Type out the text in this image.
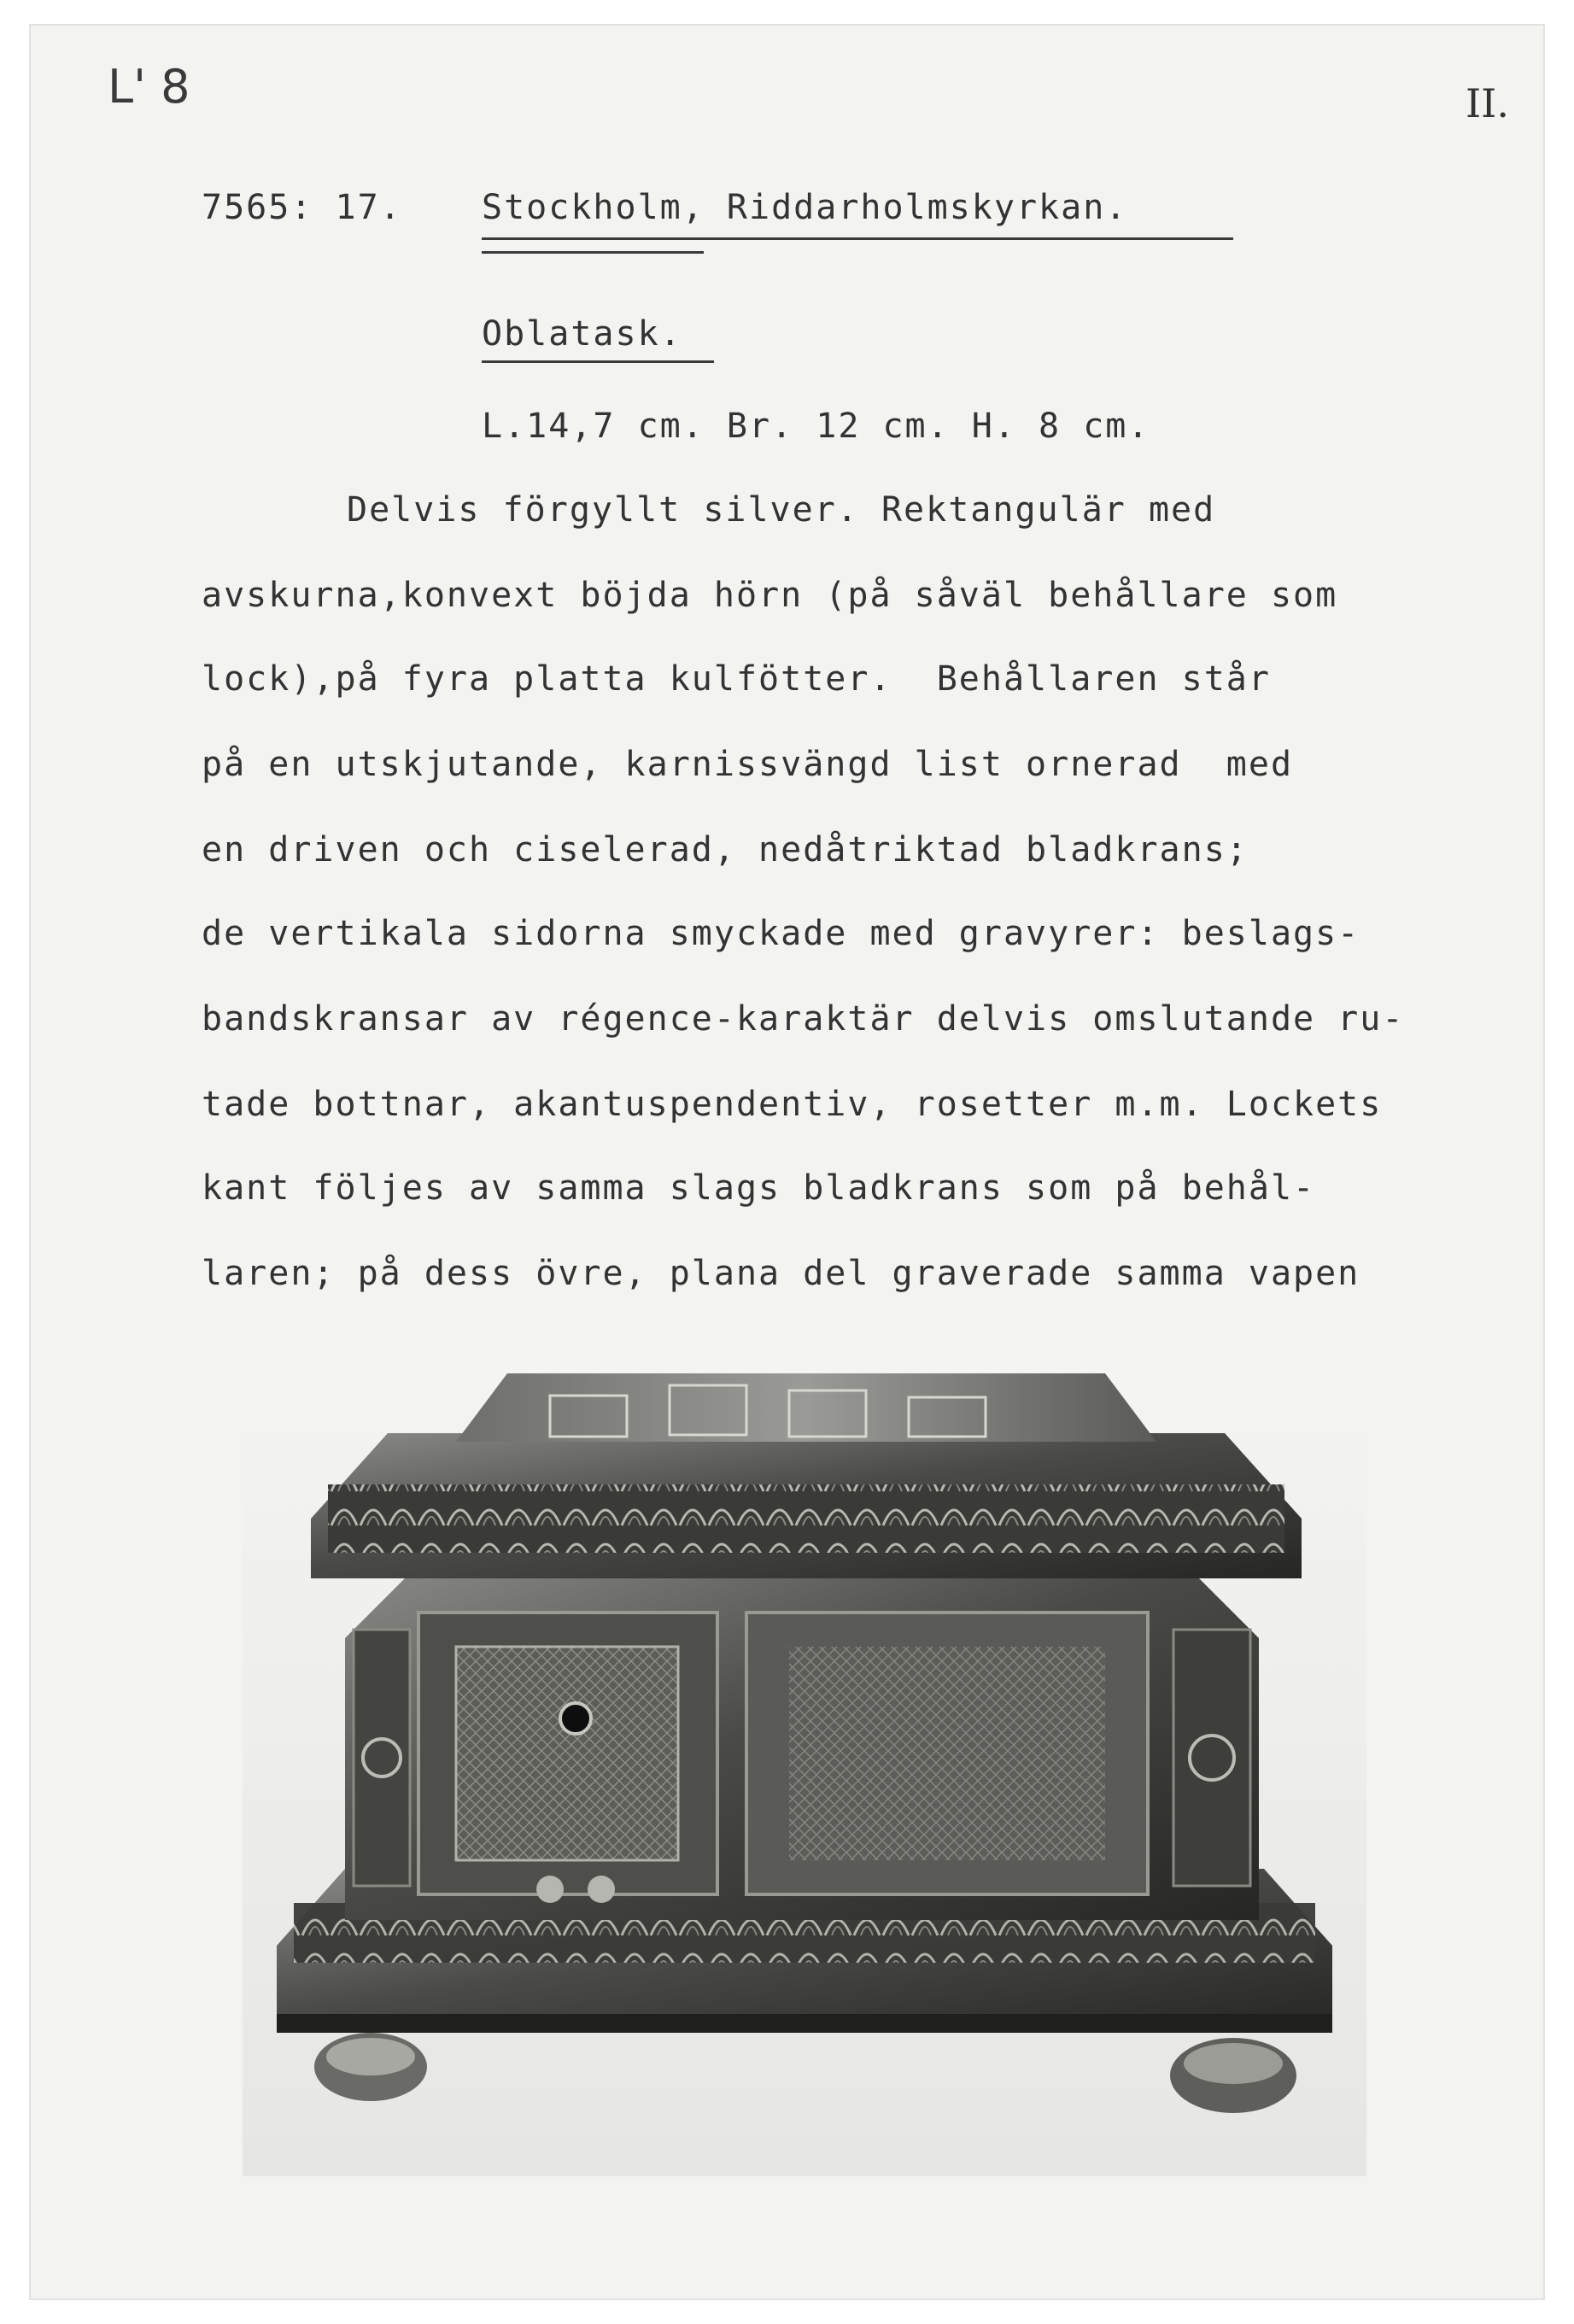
L' 8	II.
7565: 17. Stockholm, Riddarholmskyrkan.
Oblatask.
L.14,7 cm. Br. 12 cm. H. 8 cm.
Delvis förgyllt silver. Rektangulär med
avskurna,konvext böjda hörn (på såväl behållare som
lock),på fyra platta kulfötter.  Behållaren står
på en utskjutande, karnissvängd list ornerad  med
en driven och ciselerad, nedåtriktad bladkrans;
de vertikala sidorna smyckade med gravyrer: beslags-
bandskransar av régence-karaktär delvis omslutande ru-
tade bottnar, akantuspendentiv, rosetter m.m. Lockets
kant följes av samma slags bladkrans som på behål-
laren; på dess övre, plana del graverade samma vapen
